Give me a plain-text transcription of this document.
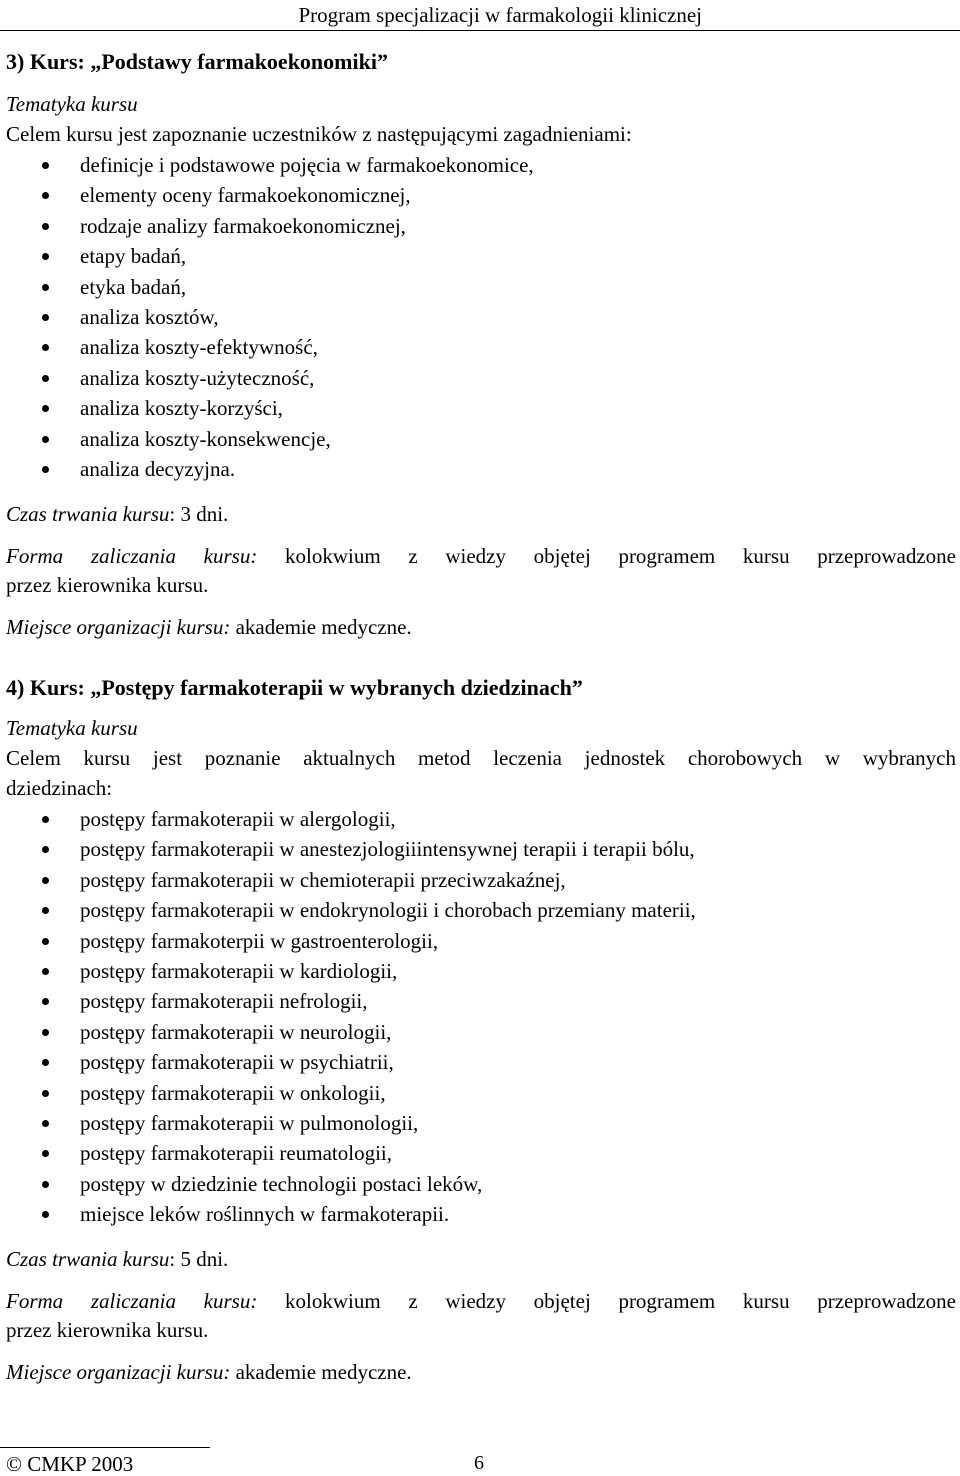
Program specjalizacji w farmakologii klinicznej
3) Kurs: „Podstawy farmakoekonomiki”
Tematyka kursu
Celem kursu jest zapoznanie uczestników z następującymi zagadnieniami:
definicje i podstawowe pojęcia w farmakoekonomice,
elementy oceny farmakoekonomicznej,
rodzaje analizy farmakoekonomicznej,
etapy badań,
etyka badań,
analiza kosztów,
analiza koszty-efektywność,
analiza koszty-użyteczność,
analiza koszty-korzyści,
analiza koszty-konsekwencje,
analiza decyzyjna.
Czas trwania kursu: 3 dni.
Forma zaliczania kursu: kolokwium z wiedzy objętej programem kursu przeprowadzone
przez kierownika kursu.
Miejsce organizacji kursu: akademie medyczne.
4) Kurs: „Postępy farmakoterapii w wybranych dziedzinach”
Tematyka kursu
Celem kursu jest poznanie aktualnych metod leczenia jednostek chorobowych w wybranych
dziedzinach:
postępy farmakoterapii w alergologii,
postępy farmakoterapii w anestezjologiiintensywnej terapii i terapii bólu,
postępy farmakoterapii w chemioterapii przeciwzakaźnej,
postępy farmakoterapii w endokrynologii i chorobach przemiany materii,
postępy farmakoterpii w gastroenterologii,
postępy farmakoterapii w kardiologii,
postępy farmakoterapii nefrologii,
postępy farmakoterapii w neurologii,
postępy farmakoterapii w psychiatrii,
postępy farmakoterapii w onkologii,
postępy farmakoterapii w pulmonologii,
postępy farmakoterapii reumatologii,
postępy w dziedzinie technologii postaci leków,
miejsce leków roślinnych w farmakoterapii.
Czas trwania kursu: 5 dni.
Forma zaliczania kursu: kolokwium z wiedzy objętej programem kursu przeprowadzone
przez kierownika kursu.
Miejsce organizacji kursu: akademie medyczne.
© CMKP 2003	6
